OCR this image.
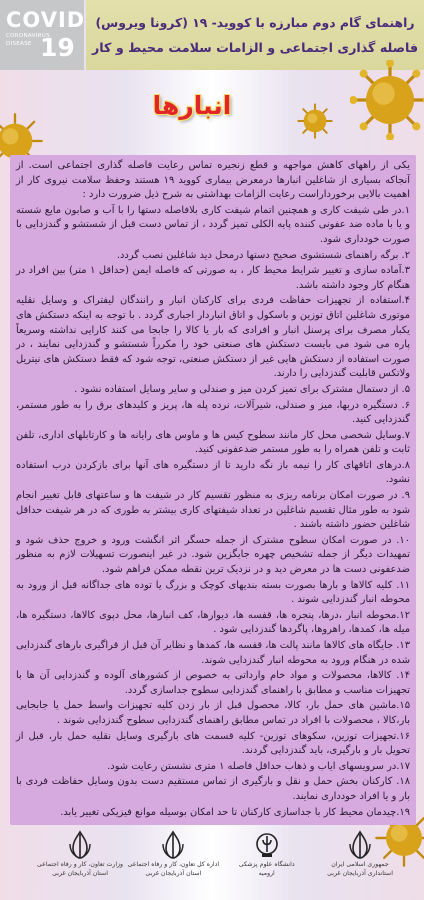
COVID
CORONAVIRUS
DISEASE 19
راهنمای گام دوم مبارزه با کووید- ۱۹ (کرونا ویروس)
فاصله گذاری اجتماعی و الزامات سلامت محیط و کار
انبارها

یکی از راههای کاهش مواجهه و قطع زنجیره تماس رعایت فاصله گذاری اجتماعی است. از آنجاکه بسیاری از شاغلین انبارها درمعرض بیماری کووید ۱۹ هستند وحفظ سلامت نیروی کار از اهمیت بالایی برخورداراست رعایت الزامات بهداشتی به شرح ذیل ضرورت دارد :

۱.در طی شیفت کاری و همچنین اتمام شیفت کاری بلافاصله دستها را با آب و صابون مایع شسته و یا با ماده ضد عفونی کننده پایه الکلی تمیز گردد ، از تماس دست قبل از شستشو و گندزدایی با صورت خودداری شود.

۲. برگه راهنمای شستشوی صحیح دستها درمحل دید شاغلین نصب گردد.

۳.آماده سازی و تغییر شرایط محیط کار ، به صورتی که فاصله ایمن (حداقل ۱ متر) بین افراد در هنگام کار وجود داشته باشد.

۴.استفاده از تجهیزات حفاظت فردی برای کارکنان انبار و رانندگان لیفتراک و وسایل نقلیه موتوری شاغلین اتاق توزین و باسکول و اتاق انباردار اجباری گردد . با توجه به اینکه دستکش های یکبار مصرف برای پرسنل انبار و افرادی که بار یا کالا را جابجا می کنند کارایی نداشته وسریعاً پاره می شود می بایست دستکش های صنعتی خود را مکرراً شستشو و گندزدایی نمایند ، در صورت استفاده از دستکش هایی غیر از دستکش صنعتی، توجه شود که فقط دستکش های نیتریل ولاتکس قابلیت گندزدایی را دارند.

۵. از دستمال مشترک برای تمیز کردن میز و صندلی و سایر وسایل استفاده نشود .

۶. دستگیره دربها، میز و صندلی، شیرآلات، نرده پله ها، پریز و کلیدهای برق را به طور مستمر، گندزدایی کنید.

۷.وسایل شخصی محل کار مانند سطوح کیس ها و ماوس های رایانه ها و کارتابلهای اداری، تلفن ثابت و تلفن همراه را به طور مستمر ضدعفونی کنید.

۸.درهای اتاقهای کار را نیمه باز نگه دارید تا از دستگیره های آنها برای بازکردن درب استفاده نشود.

۹. در صورت امکان برنامه ریزی به منظور تقسیم کار در شیفت ها و ساعتهای قابل تغییر انجام شود به طور مثال تقسیم شاغلین در تعداد شیفتهای کاری بیشتر به طوری که در هر شیفت حداقل شاغلین حضور داشته باشند .

۱۰. در صورت امکان سطوح مشترک از جمله حسگر اثر انگشت ورود و خروج حذف شود و تمهیدات دیگر از جمله تشخیص چهره جایگزین شود. در غیر اینصورت تسهیلات لازم به منظور ضدعفونی دست ها در معرض دید و در نزدیک ترین نقطه ممکن فراهم شود.

۱۱. کلیه کالاها و بارها بصورت بسته بندیهای کوچک و بزرگ یا توده های جداگانه قبل از ورود به محوطه انبار گندزدایی شوند .

۱۲.محوطه انبار ،درها، پنجره ها، قفسه ها، دیوارها، کف انبارها، محل دپوی کالاها، دستگیره ها، میله ها، کمدها، راهروها، پاگردها گندزدایی شود .

۱۳. جایگاه های کالاها مانند پالت ها، قفسه ها، کمدها و نظایر آن قبل از قراگیری بارهای گندزدایی شده در هنگام ورود به محوطه انبار گندزدایی شوند.

۱۴. کالاها، محصولات و مواد خام وارداتی به خصوص از کشورهای آلوده و گندزدایی آن ها با تجهیزات مناسب و مطابق با راهنمای گندزدایی سطوح جداسازی گردد.

۱۵.ماشین های حمل بار، کالا، محصول قبل از بار زدن کلیه تجهیزات واسط حمل یا جابجایی بار،کالا ، محصولات با افراد در تماس مطابق راهنمای گندزدایی سطوح گندزدایی شوند .

۱۶.تجهیزات توزین، سکوهای توزین- کلیه قسمت های بارگیری وسایل نقلیه حمل بار، قبل از تحویل بار و بارگیری، باید گندزدایی گردند.

۱۷.در سرویسهای ایاب و ذهاب حداقل فاصله ۱ متری نشستن رعایت شود.

۱۸. کارکنان بخش حمل و نقل و بارگیری از تماس مستقیم دست بدون وسایل حفاظت فردی با بار و یا افراد خودداری نمایند.

۱۹.چیدمان محیط کار با جداسازی کارکنان تا حد امکان بوسیله موانع فیزیکی تغییر یابد.

جمهوری اسلامی ایران
استانداری آذربایجان غربی
دانشگاه علوم پزشکی
ارومیه
اداره کل تعاون، کار و رفاه اجتماعی
استان آذربایجان غربی
وزارت تعاون، کار و رفاه اجتماعی
استان آذربایجان غربی
